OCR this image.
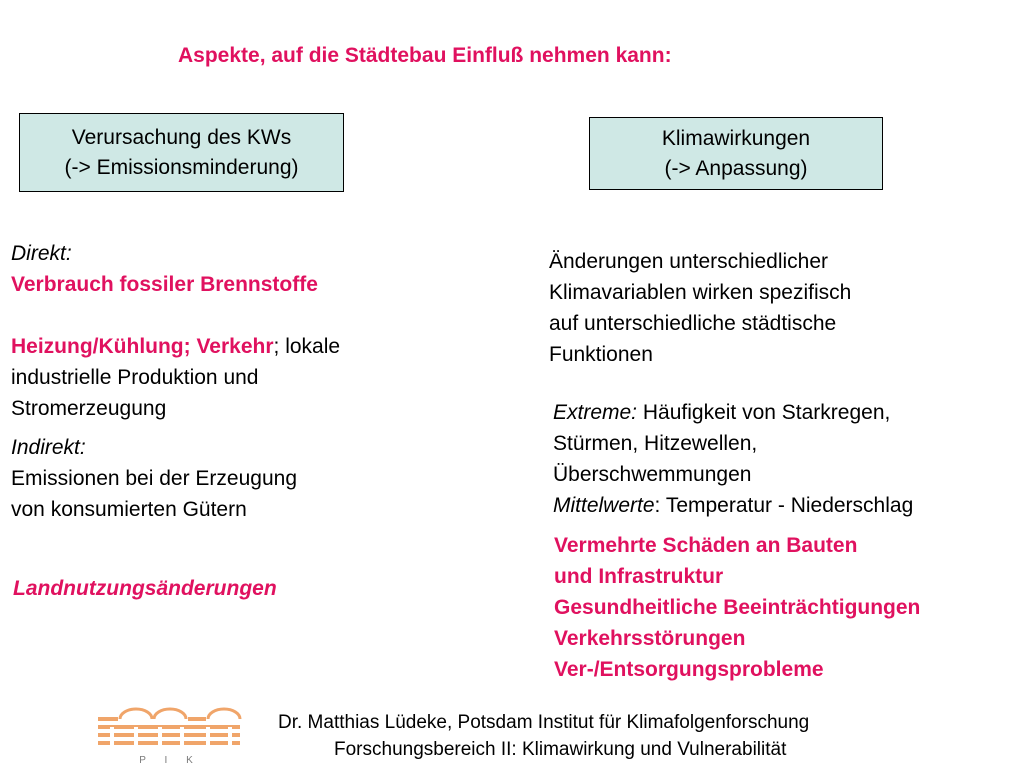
Aspekte, auf die Städtebau Einfluß nehmen kann:
Verursachung des KWs
(-> Emissionsminderung)
Klimawirkungen
(-> Anpassung)
Direkt:
Verbrauch fossiler Brennstoffe
Heizung/Kühlung; Verkehr; lokale
industrielle Produktion und
Stromerzeugung
Indirekt:
Emissionen bei der Erzeugung
von konsumierten Gütern
Landnutzungsänderungen
Änderungen unterschiedlicher
Klimavariablen wirken spezifisch
auf unterschiedliche städtische
Funktionen
Extreme: Häufigkeit von Starkregen,
Stürmen, Hitzewellen,
Überschwemmungen
Mittelwerte: Temperatur - Niederschlag
Vermehrte Schäden an Bauten
und Infrastruktur
Gesundheitliche Beeinträchtigungen
Verkehrsstörungen
Ver-/Entsorgungsprobleme
P I K
Dr. Matthias Lüdeke, Potsdam Institut für Klimafolgenforschung
Forschungsbereich II: Klimawirkung und Vulnerabilität
